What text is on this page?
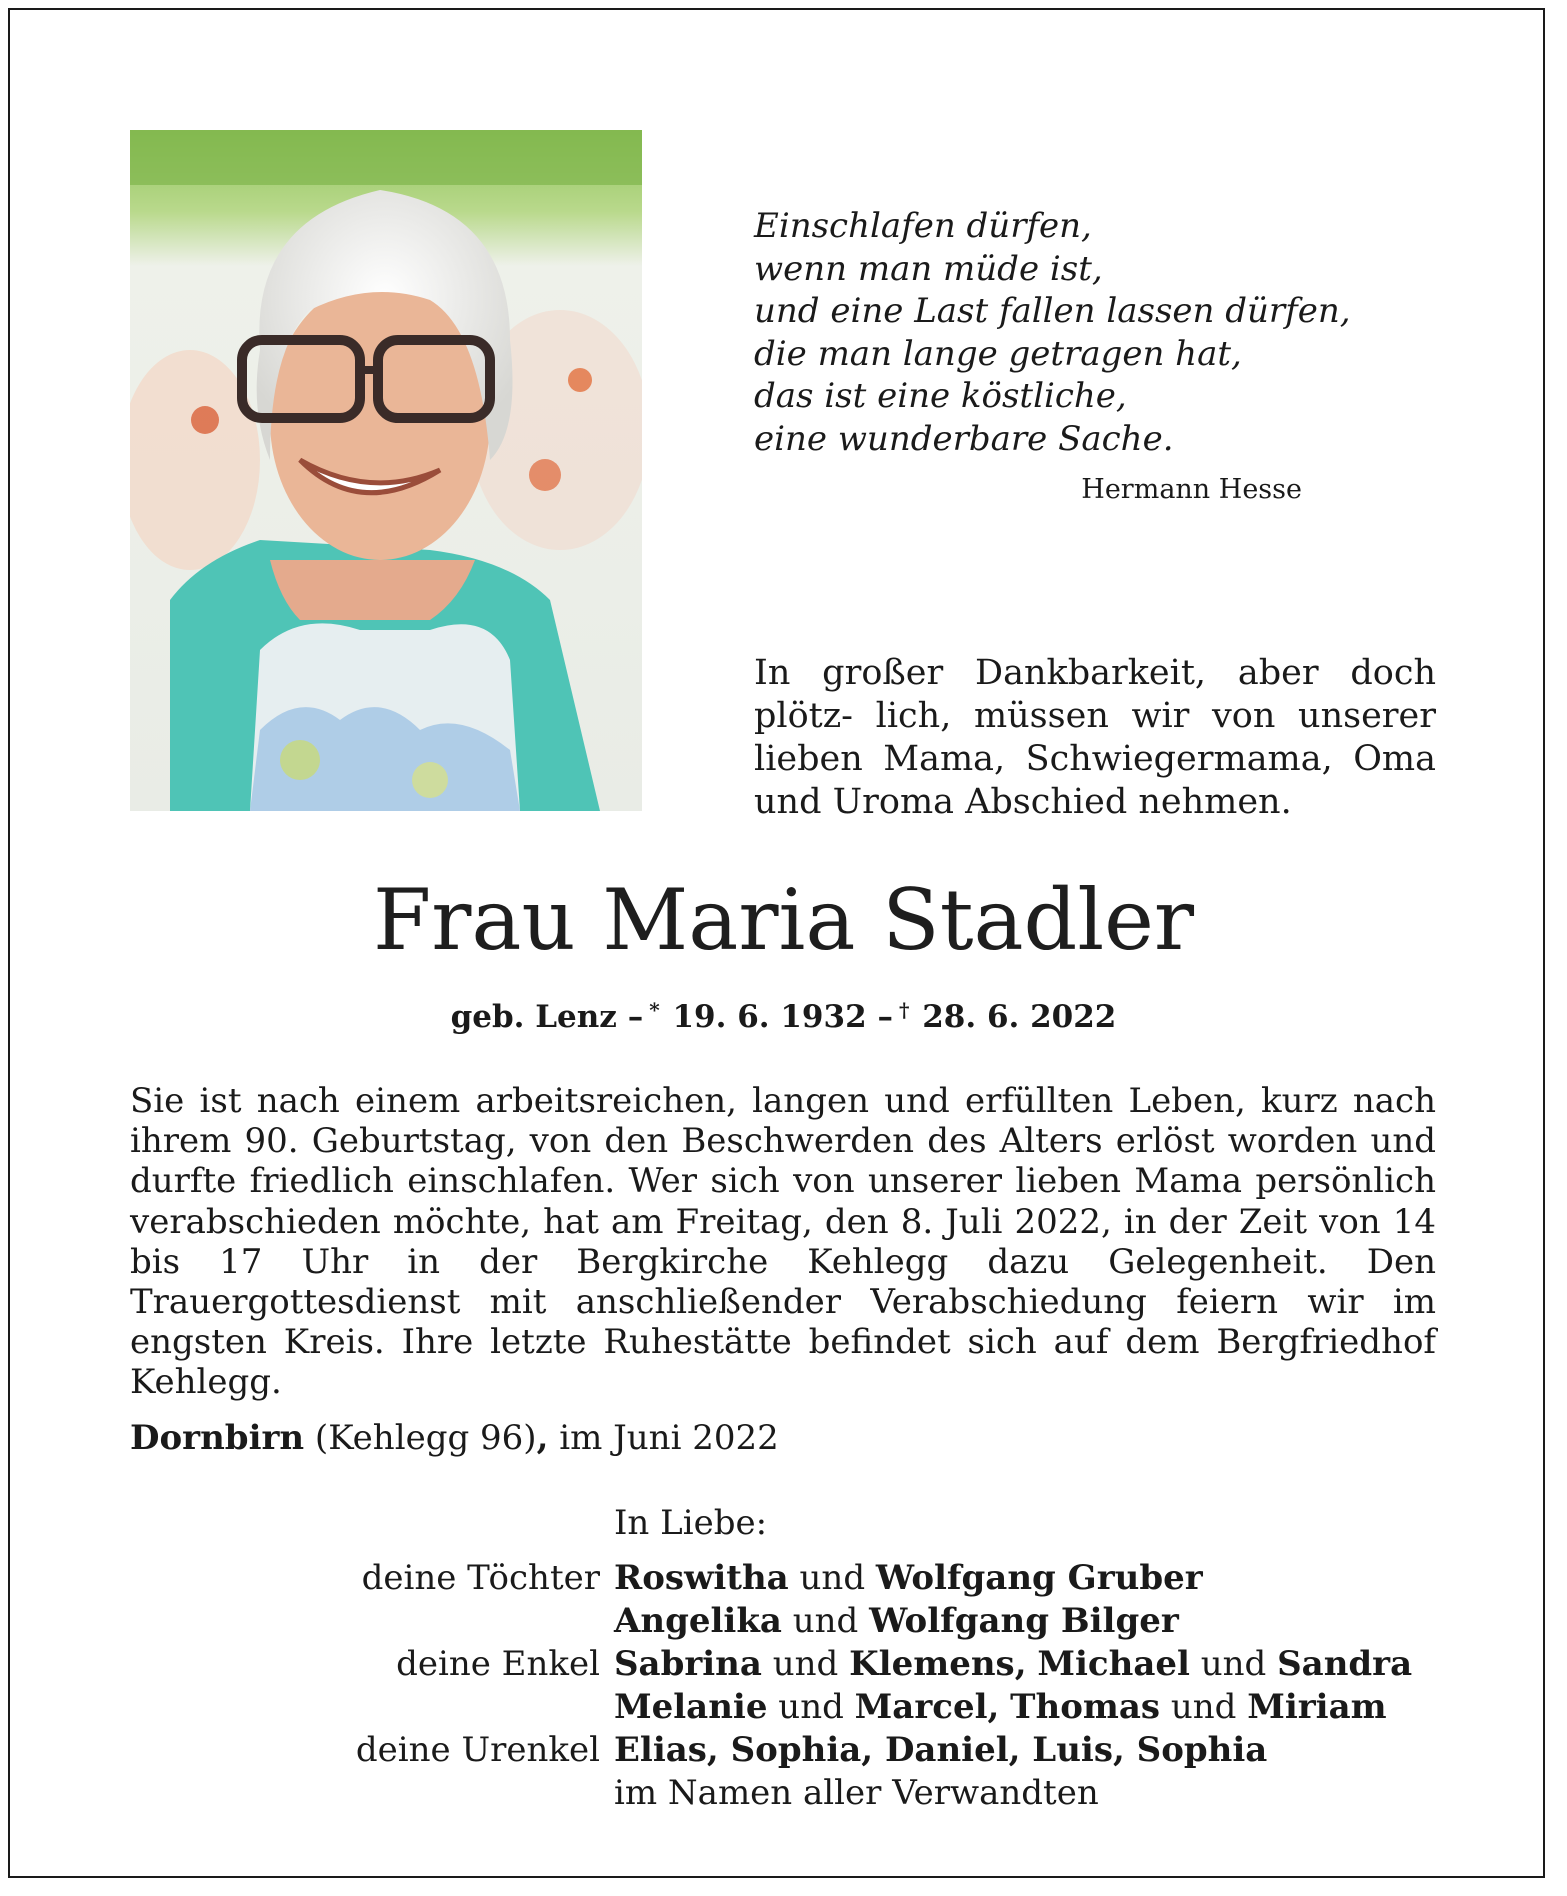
Einschlafen dürfen,
wenn man müde ist,
und eine Last fallen lassen dürfen,
die man lange getragen hat,
das ist eine köstliche,
eine wunderbare Sache.
Hermann Hesse
In großer Dankbarkeit, aber doch plötz- lich, müssen wir von unserer lieben Mama, Schwiegermama, Oma und Uroma Abschied nehmen.
Frau Maria Stadler
geb. Lenz – * 19. 6. 1932 – † 28. 6. 2022
Sie ist nach einem arbeitsreichen, langen und erfüllten Leben, kurz nach ihrem 90. Geburtstag, von den Beschwerden des Alters erlöst worden und durfte friedlich einschlafen. Wer sich von unserer lieben Mama persönlich verabschieden möchte, hat am Freitag, den 8. Juli 2022, in der Zeit von 14 bis 17 Uhr in der Bergkirche Kehlegg dazu Gelegenheit. Den Trauergottesdienst mit anschließender Verabschiedung feiern wir im engsten Kreis. Ihre letzte Ruhestätte befindet sich auf dem Bergfriedhof Kehlegg.
Dornbirn (Kehlegg 96), im Juni 2022
In Liebe:
deine Töchter Roswitha und Wolfgang Gruber
Angelika und Wolfgang Bilger
deine Enkel Sabrina und Klemens, Michael und Sandra
Melanie und Marcel, Thomas und Miriam
deine Urenkel Elias, Sophia, Daniel, Luis, Sophia
im Namen aller Verwandten
